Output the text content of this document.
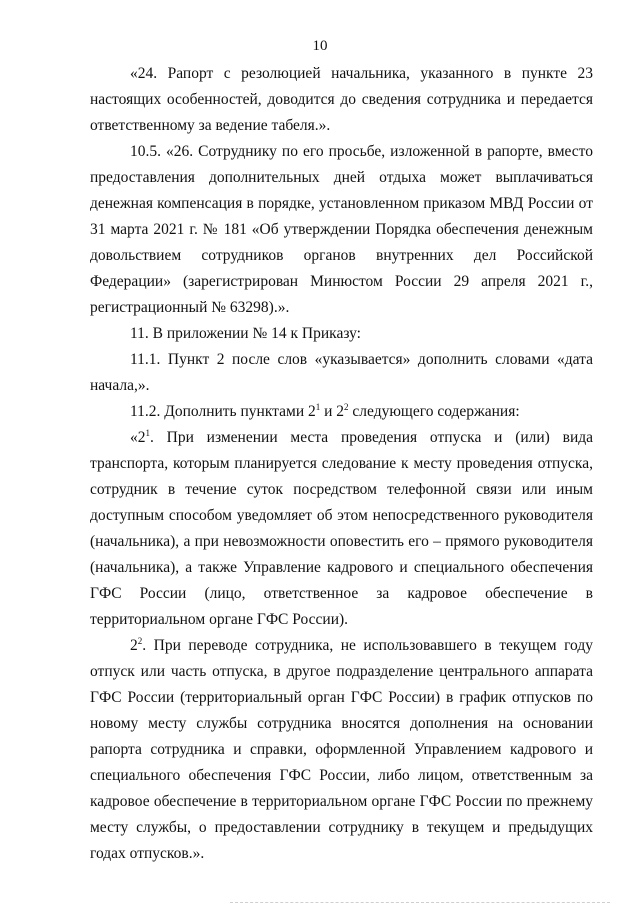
10

«24. Рапорт с резолюцией начальника, указанного в пункте 23 настоящих особенностей, доводится до сведения сотрудника и передается ответственному за ведение табеля.».

10.5. «26. Сотруднику по его просьбе, изложенной в рапорте, вместо предоставления дополнительных дней отдыха может выплачиваться денежная компенсация в порядке, установленном приказом МВД России от 31 марта 2021 г. № 181 «Об утверждении Порядка обеспечения денежным довольствием сотрудников органов внутренних дел Российской Федерации» (зарегистрирован Минюстом России 29 апреля 2021 г., регистрационный № 63298).».

11. В приложении № 14 к Приказу:

11.1. Пункт 2 после слов «указывается» дополнить словами «дата начала,».

11.2. Дополнить пунктами $2^1$ и $2^2$ следующего содержания:

«$2^1$. При изменении места проведения отпуска и (или) вида транспорта, которым планируется следование к месту проведения отпуска, сотрудник в течение суток посредством телефонной связи или иным доступным способом уведомляет об этом непосредственного руководителя (начальника), а при невозможности оповестить его – прямого руководителя (начальника), а также Управление кадрового и специального обеспечения ГФС России (лицо, ответственное за кадровое обеспечение в территориальном органе ГФС России).

$2^2$. При переводе сотрудника, не использовавшего в текущем году отпуск или часть отпуска, в другое подразделение центрального аппарата ГФС России (территориальный орган ГФС России) в график отпусков по новому месту службы сотрудника вносятся дополнения на основании рапорта сотрудника и справки, оформленной Управлением кадрового и специального обеспечения ГФС России, либо лицом, ответственным за кадровое обеспечение в территориальном органе ГФС России по прежнему месту службы, о предоставлении сотруднику в текущем и предыдущих годах отпусков.».
